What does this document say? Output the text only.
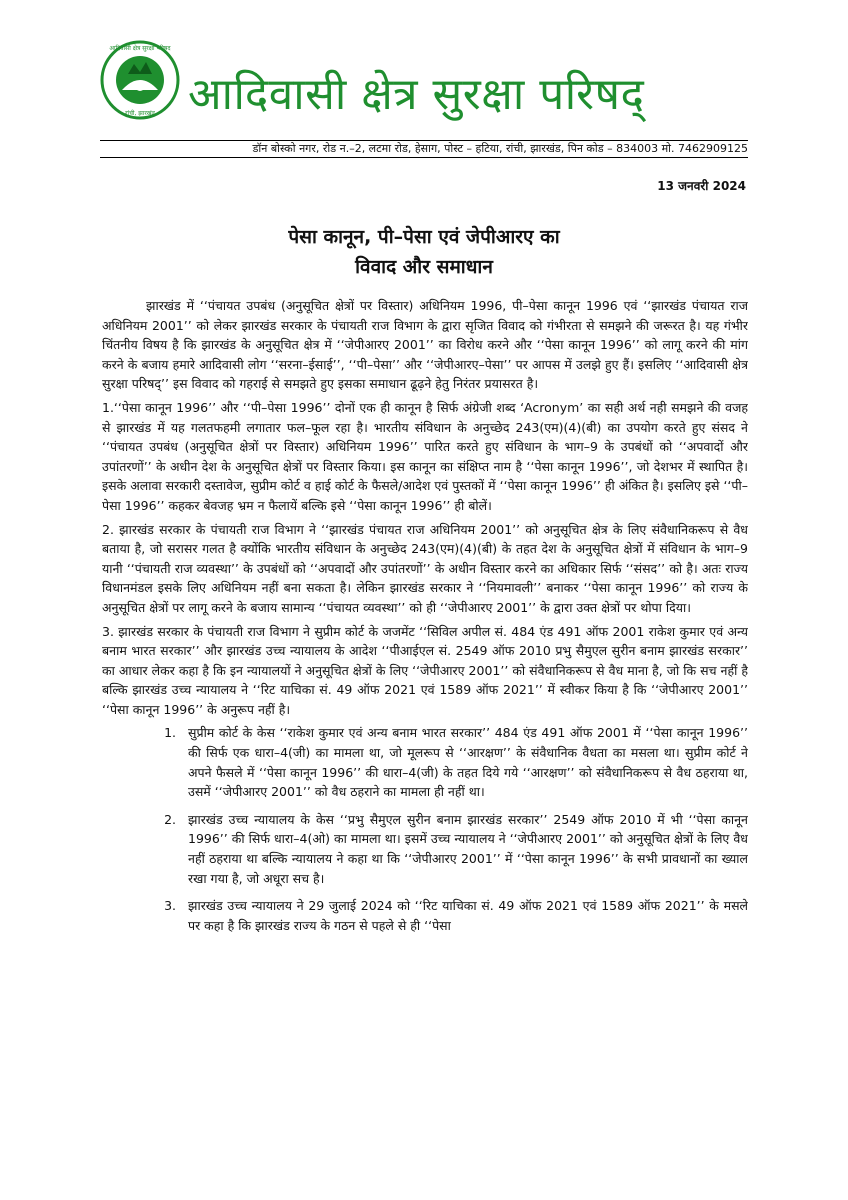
आदिवासी क्षेत्र सुरक्षा परिषद
रांची, झारखंड आदिवासी क्षेत्र सुरक्षा परिषद्
डॉन बोस्को नगर, रोड न.–2, लटमा रोड, हेसाग, पोस्ट – हटिया, रांची, झारखंड, पिन कोड – 834003 मो. 7462909125
13 जनवरी 2024
पेसा कानून, पी–पेसा एवं जेपीआरए का
विवाद और समाधान

झारखंड में ‘‘पंचायत उपबंध (अनुसूचित क्षेत्रों पर विस्तार) अधिनियम 1996, पी–पेसा कानून 1996 एवं ‘‘झारखंड पंचायत राज अधिनियम 2001’’ को लेकर झारखंड सरकार के पंचायती राज विभाग के द्वारा सृजित विवाद को गंभीरता से समझने की जरूरत है। यह गंभीर चिंतनीय विषय है कि झारखंड के अनुसूचित क्षेत्र में ‘‘जेपीआरए 2001’’ का विरोध करने और ‘‘पेसा कानून 1996’’ को लागू करने की मांग करने के बजाय हमारे आदिवासी लोग ‘‘सरना–ईसाई’’, ‘‘पी–पेसा’’ और ‘‘जेपीआरए–पेसा’’ पर आपस में उलझे हुए हैं। इसलिए ‘‘आदिवासी क्षेत्र सुरक्षा परिषद्’’ इस विवाद को गहराई से समझते हुए इसका समाधान ढूढ़ने हेतु निरंतर प्रयासरत है।

1.‘‘पेसा कानून 1996’’ और ‘‘पी–पेसा 1996’’ दोनों एक ही कानून है सिर्फ अंग्रेजी शब्द ‘Acronym’ का सही अर्थ नही समझने की वजह से झारखंड में यह गलतफहमी लगातार फल–फूल रहा है। भारतीय संविधान के अनुच्छेद 243(एम)(4)(बी) का उपयोग करते हुए संसद ने ‘‘पंचायत उपबंध (अनुसूचित क्षेत्रों पर विस्तार) अधिनियम 1996’’ पारित करते हुए संविधान के भाग–9 के उपबंधों को ‘‘अपवादों और उपांतरणों’’ के अधीन देश के अनुसूचित क्षेत्रों पर विस्तार किया। इस कानून का संक्षिप्त नाम है ‘‘पेसा कानून 1996’’, जो देशभर में स्थापित है। इसके अलावा सरकारी दस्तावेज, सुप्रीम कोर्ट व हाई कोर्ट के फैसले/आदेश एवं पुस्तकों में ‘‘पेसा कानून 1996’’ ही अंकित है। इसलिए इसे ‘‘पी–पेसा 1996’’ कहकर बेवजह भ्रम न फैलायें बल्कि इसे ‘‘पेसा कानून 1996’’ ही बोलें।

2. झारखंड सरकार के पंचायती राज विभाग ने ‘‘झारखंड पंचायत राज अधिनियम 2001’’ को अनुसूचित क्षेत्र के लिए संवैधानिकरूप से वैध बताया है, जो सरासर गलत है क्योंकि भारतीय संविधान के अनुच्छेद 243(एम)(4)(बी) के तहत देश के अनुसूचित क्षेत्रों में संविधान के भाग–9 यानी ‘‘पंचायती राज व्यवस्था’’ के उपबंधों को ‘‘अपवादों और उपांतरणों’’ के अधीन विस्तार करने का अधिकार सिर्फ ‘‘संसद’’ को है। अतः राज्य विधानमंडल इसके लिए अधिनियम नहीं बना सकता है। लेकिन झारखंड सरकार ने ‘‘नियमावली’’ बनाकर ‘‘पेसा कानून 1996’’ को राज्य के अनुसूचित क्षेत्रों पर लागू करने के बजाय सामान्य ‘‘पंचायत व्यवस्था’’ को ही ‘‘जेपीआरए 2001’’ के द्वारा उक्त क्षेत्रों पर थोपा दिया।

3. झारखंड सरकार के पंचायती राज विभाग ने सुप्रीम कोर्ट के जजमेंट ‘‘सिविल अपील सं. 484 एंड 491 ऑफ 2001 राकेश कुमार एवं अन्य बनाम भारत सरकार’’ और झारखंड उच्च न्यायालय के आदेश ‘‘पीआईएल सं. 2549 ऑफ 2010 प्रभु सैमुएल सुरीन बनाम झारखंड सरकार’’ का आधार लेकर कहा है कि इन न्यायालयों ने अनुसूचित क्षेत्रों के लिए ‘‘जेपीआरए 2001’’ को संवैधानिकरूप से वैध माना है, जो कि सच नहीं है बल्कि झारखंड उच्च न्यायालय ने ‘‘रिट याचिका सं. 49 ऑफ 2021 एवं 1589 ऑफ 2021’’ में स्वीकर किया है कि ‘‘जेपीआरए 2001’’ ‘‘पेसा कानून 1996’’ के अनुरूप नहीं है।

1. सुप्रीम कोर्ट के केस ‘‘राकेश कुमार एवं अन्य बनाम भारत सरकार’’ 484 एंड 491 ऑफ 2001 में ‘‘पेसा कानून 1996’’ की सिर्फ एक धारा–4(जी) का मामला था, जो मूलरूप से ‘‘आरक्षण’’ के संवैधानिक वैधता का मसला था। सुप्रीम कोर्ट ने अपने फैसले में ‘‘पेसा कानून 1996’’ की धारा–4(जी) के तहत दिये गये ‘‘आरक्षण’’ को संवैधानिकरूप से वैध ठहराया था, उसमें ‘‘जेपीआरए 2001’’ को वैध ठहराने का मामला ही नहीं था।
2. झारखंड उच्च न्यायालय के केस ‘‘प्रभु सैमुएल सुरीन बनाम झारखंड सरकार’’ 2549 ऑफ 2010 में भी ‘‘पेसा कानून 1996’’ की सिर्फ धारा–4(ओ) का मामला था। इसमें उच्च न्यायालय ने ‘‘जेपीआरए 2001’’ को अनुसूचित क्षेत्रों के लिए वैध नहीं ठहराया था बल्कि न्यायालय ने कहा था कि ‘‘जेपीआरए 2001’’ में ‘‘पेसा कानून 1996’’ के सभी प्रावधानों का ख्याल रखा गया है, जो अधूरा सच है।
3. झारखंड उच्च न्यायालय ने 29 जुलाई 2024 को ‘‘रिट याचिका सं. 49 ऑफ 2021 एवं 1589 ऑफ 2021’’ के मसले पर कहा है कि झारखंड राज्य के गठन से पहले से ही ‘‘पेसा
